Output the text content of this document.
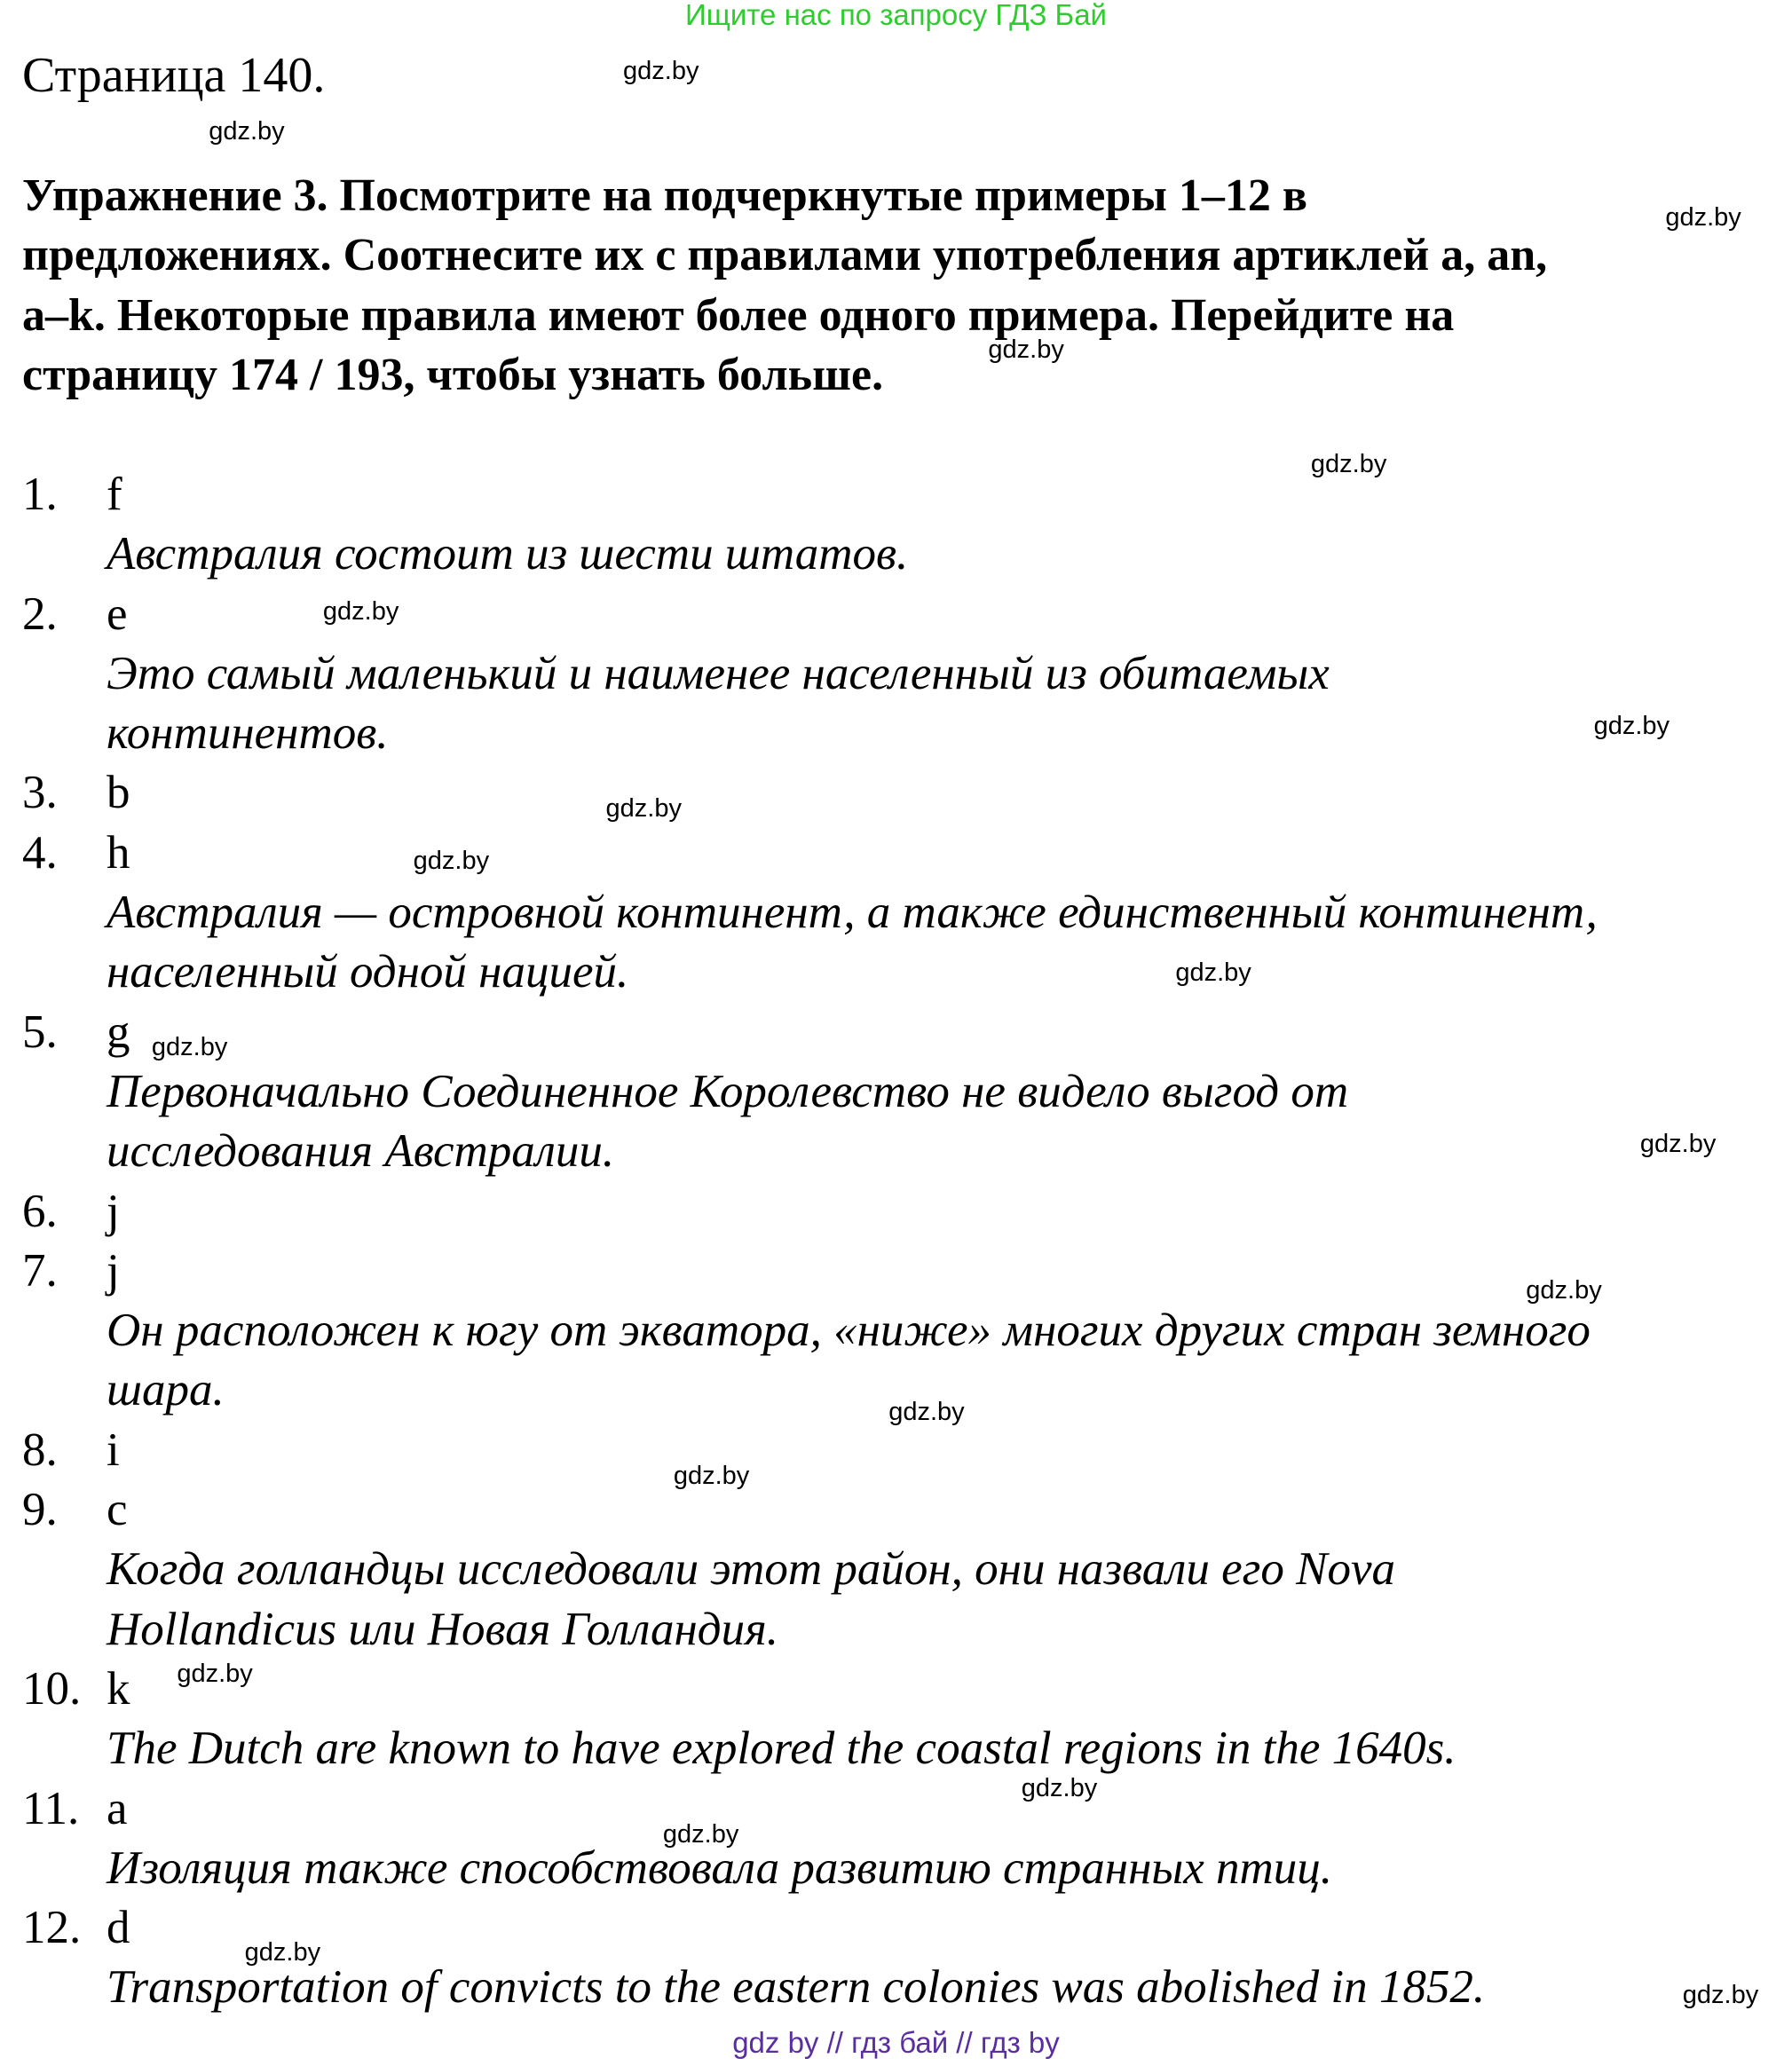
Ищите нас по запросу ГДЗ Бай
Страница 140.
Упражнение 3. Посмотрите на подчеркнутые примеры 1–12 в
предложениях. Соотнесите их с правилами употребления артиклей a, an,
a–k. Некоторые правила имеют более одного примера. Перейдите на
страницу 174 / 193, чтобы узнать больше.
1.	f
Австралия состоит из шести штатов.
2.	e
Это самый маленький и наименее населенный из обитаемых
континентов.
3.	b
4.	h
Австралия — островной континент, а также единственный континент,
населенный одной нацией.
5.	g
Первоначально Соединенное Королевство не видело выгод от
исследования Австралии.
6.	j
7.	j
Он расположен к югу от экватора, «ниже» многих других стран земного
шара.
8.	i
9.	c
Когда голландцы исследовали этот район, они назвали его Nova
Hollandicus или Новая Голландия.
10. k
The Dutch are known to have explored the coastal regions in the 1640s.
11. a
Изоляция также способствовала развитию странных птиц.
12. d
Transportation of convicts to the eastern colonies was abolished in 1852.
gdz.by
gdz.by
gdz.by
gdz.by
gdz.by
gdz.by
gdz.by
gdz.by
gdz.by
gdz.by
gdz.by
gdz.by
gdz.by
gdz.by
gdz.by
gdz.by
gdz.by
gdz.by
gdz.by
gdz.by
gdz by // гдз бай // гдз by
